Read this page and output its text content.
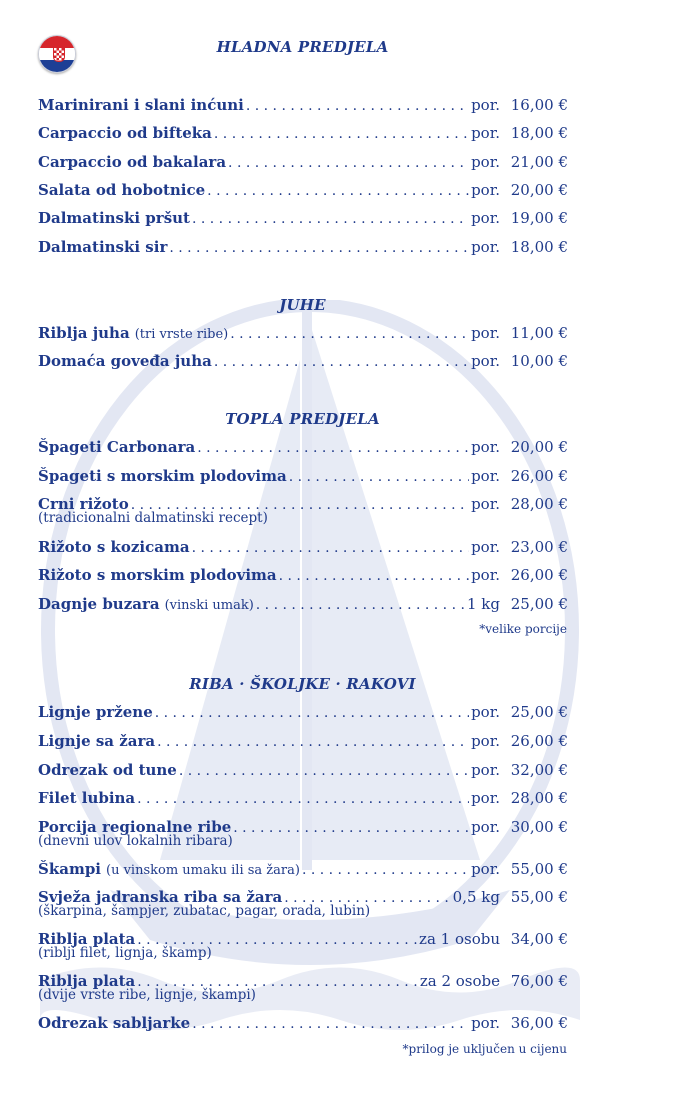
HLADNA PREDJELA
Marinirani i slani inćuni . . .	por. 16,00 €
Carpaccio od bifteka . . .	por. 18,00 €
Carpaccio od bakalara . . .	por. 21,00 €
Salata od hobotnice . . .	por. 20,00 €
Dalmatinski pršut . . .	por. 19,00 €
Dalmatinski sir . . .	por. 18,00 €
JUHE
Riblja juha (tri vrste ribe) . . .	por. 11,00 €
Domaća goveđa juha . . .	por. 10,00 €
TOPLA PREDJELA
Špageti Carbonara . . .	por. 20,00 €
Špageti s morskim plodovima . . .	por. 26,00 €
Crni rižoto . . .	por. 28,00 €
(tradicionalni dalmatinski recept)
Rižoto s kozicama . . .	por. 23,00 €
Rižoto s morskim plodovima . . .	por. 26,00 €
Dagnje buzara (vinski umak) . . .	1 kg 25,00 €
*velike porcije
RIBA · ŠKOLJKE · RAKOVI
Lignje pržene . . .	por. 25,00 €
Lignje sa žara . . .	por. 26,00 €
Odrezak od tune . . .	por. 32,00 €
Filet lubina . . .	por. 28,00 €
Porcija regionalne ribe . . .	por. 30,00 €
(dnevni ulov lokalnih ribara)
Škampi (u vinskom umaku ili sa žara) . . .	por. 55,00 €
Svježa jadranska riba sa žara . . .	0,5 kg 55,00 €
(škarpina, šampjer, zubatac, pagar, orada, lubin)
Riblja plata . . .	za 1 osobu 34,00 €
(riblji filet, lignja, škamp)
Riblja plata . . .	za 2 osobe 76,00 €
(dvije vrste ribe, lignje, škampi)
Odrezak sabljarke . . .	por. 36,00 €
*prilog je uključen u cijenu
